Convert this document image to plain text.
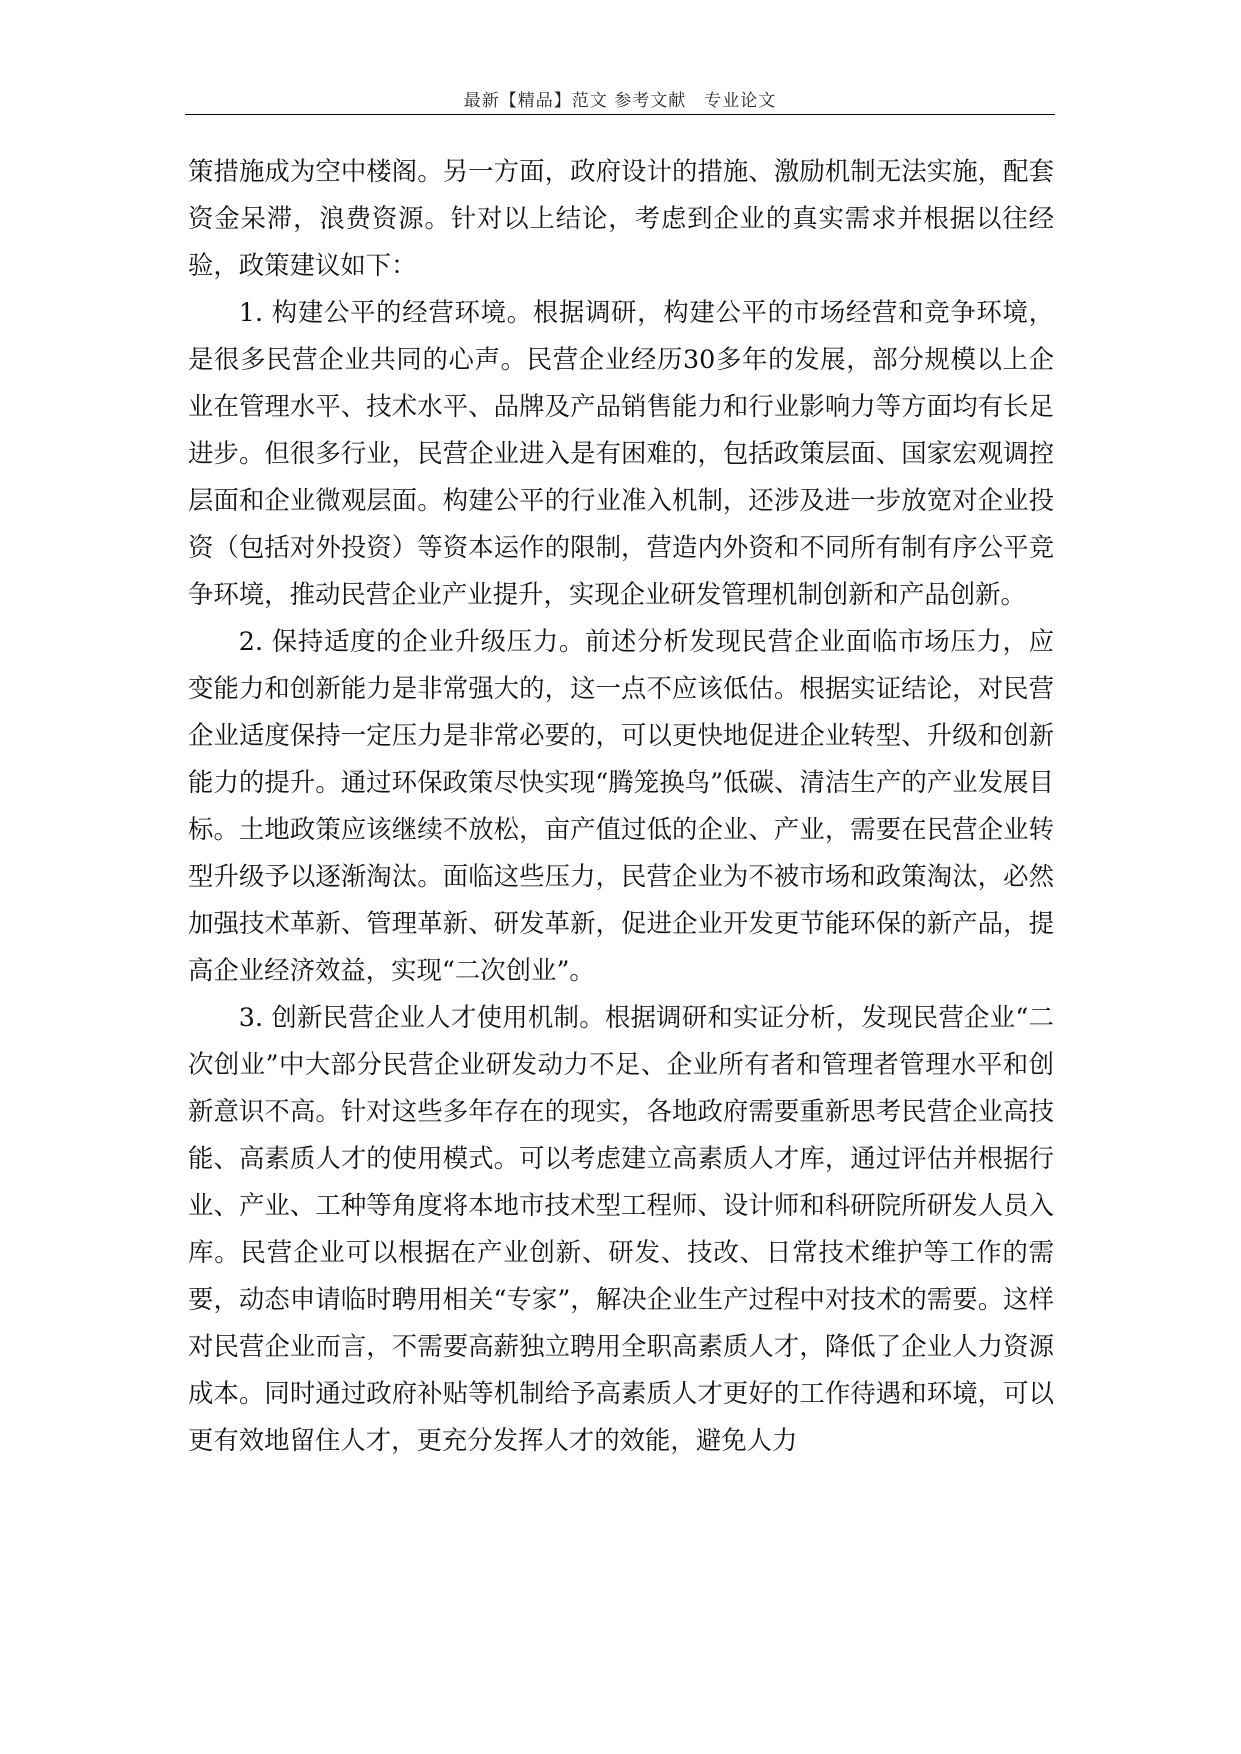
最新【精品】范文 参考文献　专业论文

策措施成为空中楼阁。另一方面，政府设计的措施、激励机制无法实施，配套资金呆滞，浪费资源。针对以上结论，考虑到企业的真实需求并根据以往经验，政策建议如下：

1. 构建公平的经营环境。根据调研，构建公平的市场经营和竞争环境，是很多民营企业共同的心声。民营企业经历30多年的发展，部分规模以上企业在管理水平、技术水平、品牌及产品销售能力和行业影响力等方面均有长足进步。但很多行业，民营企业进入是有困难的，包括政策层面、国家宏观调控层面和企业微观层面。构建公平的行业准入机制，还涉及进一步放宽对企业投资（包括对外投资）等资本运作的限制，营造内外资和不同所有制有序公平竞争环境，推动民营企业产业提升，实现企业研发管理机制创新和产品创新。

2. 保持适度的企业升级压力。前述分析发现民营企业面临市场压力，应变能力和创新能力是非常强大的，这一点不应该低估。根据实证结论，对民营企业适度保持一定压力是非常必要的，可以更快地促进企业转型、升级和创新能力的提升。通过环保政策尽快实现“腾笼换鸟”低碳、清洁生产的产业发展目标。土地政策应该继续不放松，亩产值过低的企业、产业，需要在民营企业转型升级予以逐渐淘汰。面临这些压力，民营企业为不被市场和政策淘汰，必然加强技术革新、管理革新、研发革新，促进企业开发更节能环保的新产品，提高企业经济效益，实现“二次创业”。

3. 创新民营企业人才使用机制。根据调研和实证分析，发现民营企业“二次创业”中大部分民营企业研发动力不足、企业所有者和管理者管理水平和创新意识不高。针对这些多年存在的现实，各地政府需要重新思考民营企业高技能、高素质人才的使用模式。可以考虑建立高素质人才库，通过评估并根据行业、产业、工种等角度将本地市技术型工程师、设计师和科研院所研发人员入库。民营企业可以根据在产业创新、研发、技改、日常技术维护等工作的需要，动态申请临时聘用相关“专家”，解决企业生产过程中对技术的需要。这样对民营企业而言，不需要高薪独立聘用全职高素质人才，降低了企业人力资源成本。同时通过政府补贴等机制给予高素质人才更好的工作待遇和环境，可以更有效地留住人才，更充分发挥人才的效能，避免人力
